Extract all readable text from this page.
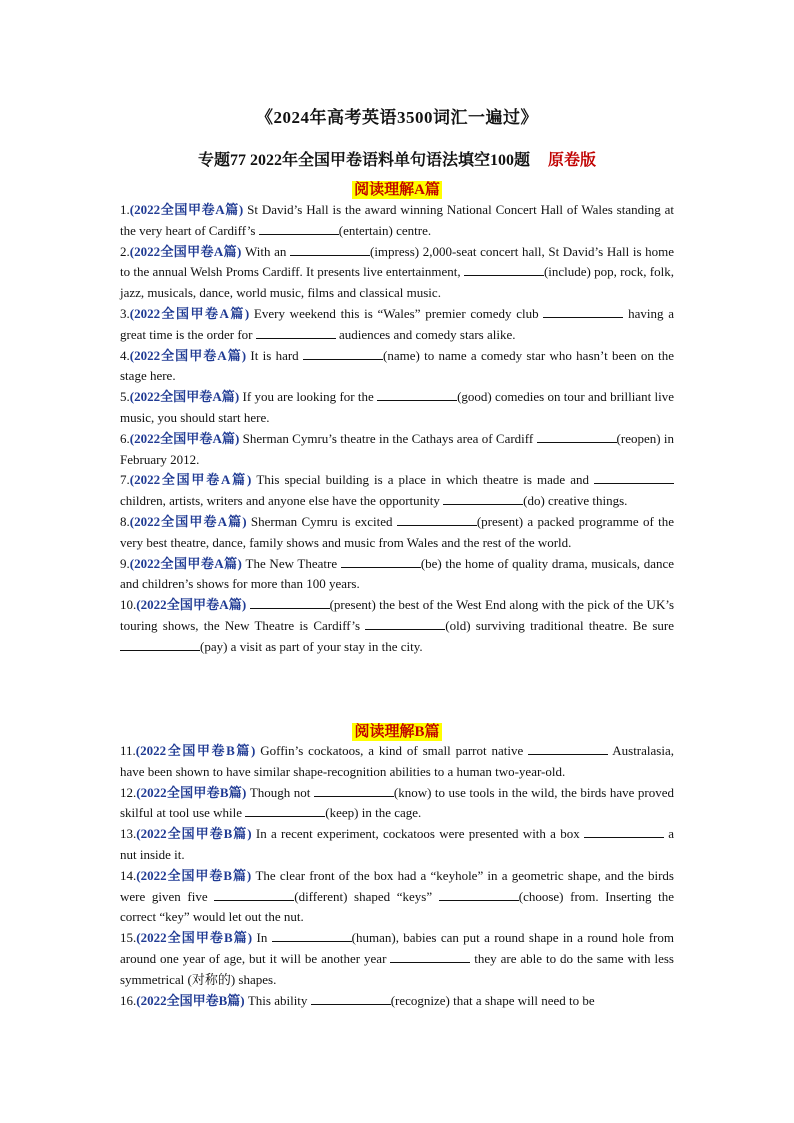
《2024年高考英语3500词汇一遍过》
专题77 2022年全国甲卷语料单句语法填空100题 原卷版
阅读理解A篇

1.(2022全国甲卷A篇) St David’s Hall is the award winning National Concert Hall of Wales standing at the very heart of Cardiff’s	(entertain) centre.

2.(2022全国甲卷A篇) With an	(impress) 2,000-seat concert hall, St David’s Hall is home to the annual Welsh Proms Cardiff. It presents live entertainment,	(include) pop, rock, folk, jazz, musicals, dance, world music, films and classical music.

3.(2022全国甲卷A篇) Every weekend this is “Wales” premier comedy club	having a great time is the order for	audiences and comedy stars alike.

4.(2022全国甲卷A篇) It is hard	(name) to name a comedy star who hasn’t been on the stage here.

5.(2022全国甲卷A篇) If you are looking for the	(good) comedies on tour and brilliant live music, you should start here.

6.(2022全国甲卷A篇) Sherman Cymru’s theatre in the Cathays area of Cardiff	(reopen) in February 2012.

7.(2022全国甲卷A篇) This special building is a place in which theatre is made and  children, artists, writers and anyone else have the opportunity	(do) creative things.

8.(2022全国甲卷A篇) Sherman Cymru is excited	(present) a packed programme of the very best theatre, dance, family shows and music from Wales and the rest of the world.

9.(2022全国甲卷A篇) The New Theatre	(be) the home of quality drama, musicals, dance and children’s shows for more than 100 years.

10.(2022全国甲卷A篇)	(present) the best of the West End along with the pick of the UK’s touring shows, the New Theatre is Cardiff’s	(old) surviving traditional theatre. Be sure (pay) a visit as part of your stay in the city.

阅读理解B篇

11.(2022全国甲卷B篇) Goffin’s cockatoos, a kind of small parrot native	Australasia, have been shown to have similar shape-recognition abilities to a human two-year-old.

12.(2022全国甲卷B篇) Though not	(know) to use tools in the wild, the birds have proved skilful at tool use while	(keep) in the cage.

13.(2022全国甲卷B篇) In a recent experiment, cockatoos were presented with a box	a nut inside it.

14.(2022全国甲卷B篇) The clear front of the box had a “keyhole” in a geometric shape, and the birds were given five	(different) shaped “keys”	(choose) from. Inserting the correct “key” would let out the nut.

15.(2022全国甲卷B篇) In	(human), babies can put a round shape in a round hole from around one year of age, but it will be another year	they are able to do the same with less symmetrical (对称的) shapes.

16.(2022全国甲卷B篇) This ability	(recognize) that a shape will need to be
